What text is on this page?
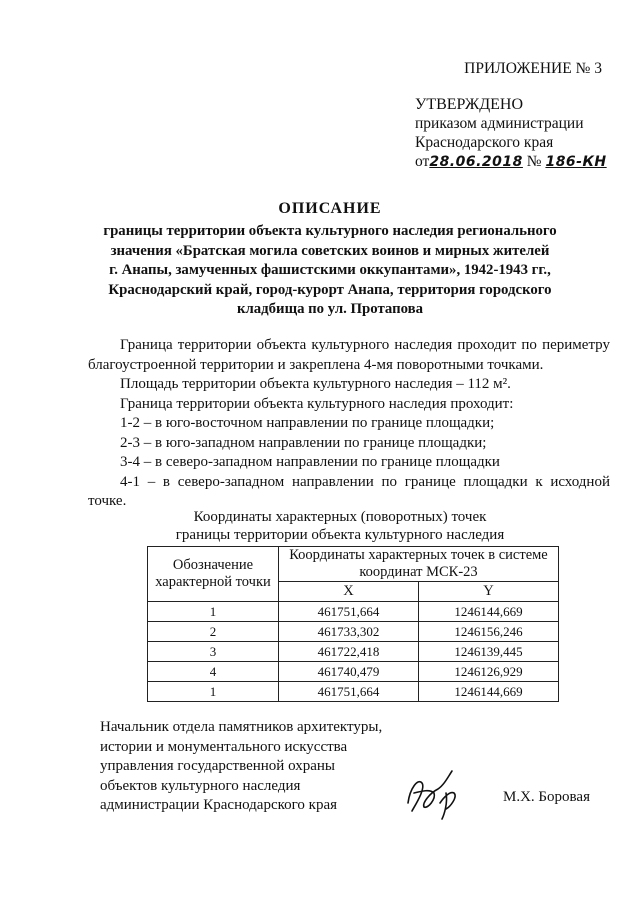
ПРИЛОЖЕНИЕ № 3
УТВЕРЖДЕНО
приказом администрации
Краснодарского края
от28.06.2018 № 186-КН
ОПИСАНИЕ
границы территории объекта культурного наследия регионального
значения «Братская могила советских воинов и мирных жителей
г. Анапы, замученных фашистскими оккупантами», 1942-1943 гг.,
Краснодарский край, город-курорт Анапа, территория городского
кладбища по ул. Протапова

Граница территории объекта культурного наследия проходит по периметру благоустроенной территории и закреплена 4-мя поворотными точками.

Площадь территории объекта культурного наследия – 112 м².

Граница территории объекта культурного наследия проходит:

1-2 – в юго-восточном направлении по границе площадки;

2-3 – в юго-западном направлении по границе площадки;

3-4 – в северо-западном направлении по границе площадки

4-1 – в северо-западном направлении по границе площадки к исходной точке.

Координаты характерных (поворотных) точек
границы территории объекта культурного наследия
Обозначение характерной точки	Координаты характерных точек в системе координат МСК-23	
	X	Y
1	461751,664	1246144,669
2	461733,302	1246156,246
3	461722,418	1246139,445
4	461740,479	1246126,929
1	461751,664	1246144,669
Начальник отдела памятников архитектуры,
истории и монументального искусства
управления государственной охраны
объектов культурного наследия
администрации Краснодарского края	М.Х. Боровая
